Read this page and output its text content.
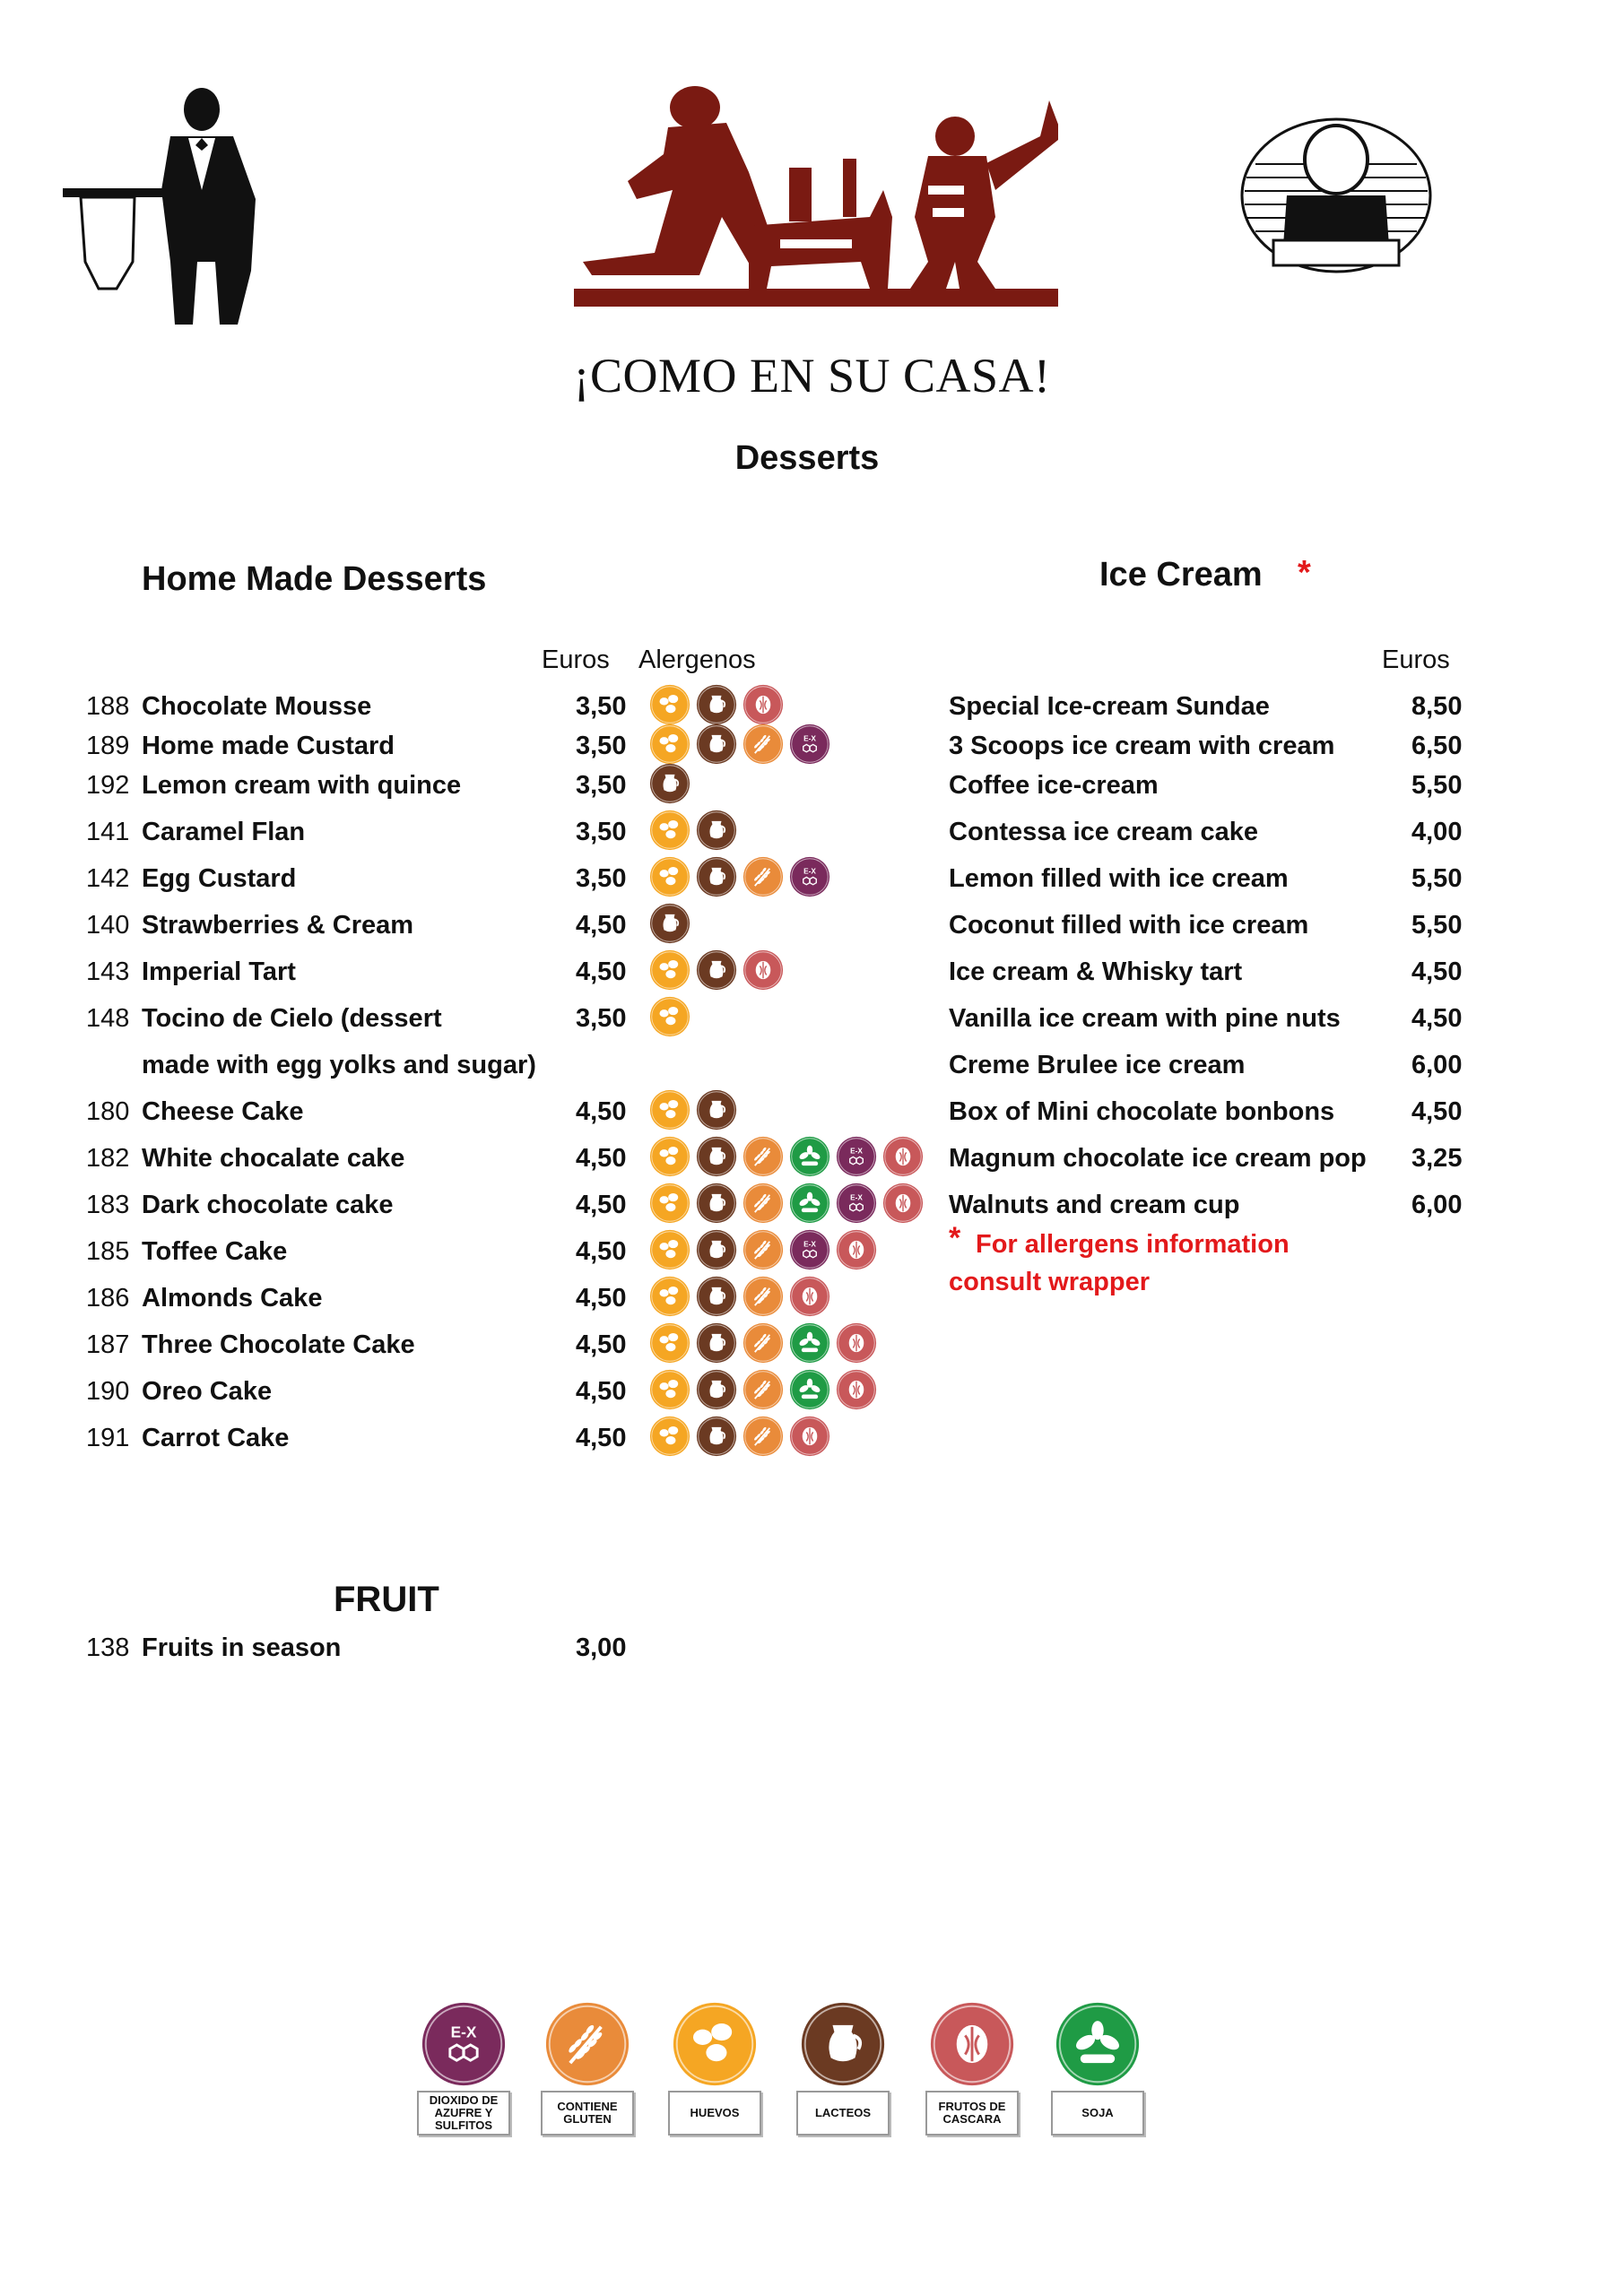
¡COMO EN SU CASA!
Desserts
Home Made Desserts
Euros Alergenos
188 Chocolate Mousse	3,50
189 Home made Custard	3,50	E-X
192 Lemon cream with quince	3,50
141 Caramel Flan	3,50
142 Egg Custard	3,50	E-X
140 Strawberries & Cream	4,50
143 Imperial Tart	4,50
148 Tocino de Cielo (dessert	3,50
made with egg yolks and sugar)
180 Cheese Cake	4,50
182 White chocalate cake	4,50	E-X
183 Dark chocolate cake	4,50	E-X
185 Toffee Cake	4,50	E-X
186 Almonds Cake	4,50
187 Three Chocolate Cake	4,50
190 Oreo Cake	4,50
191 Carrot Cake	4,50
Ice Cream *
Euros
Special Ice-cream Sundae	8,50
3 Scoops ice cream with cream	6,50
Coffee ice-cream	5,50
Contessa ice cream cake	4,00
Lemon filled with ice cream	5,50
Coconut filled with ice cream	5,50
Ice cream & Whisky tart	4,50
Vanilla ice cream with pine nuts	4,50
Creme Brulee ice cream	6,00
Box of Mini chocolate bonbons	4,50
Magnum chocolate ice cream pop 3,25
Walnuts and cream cup	6,00
* For allergens information
consult wrapper
FRUIT
138 Fruits in season	3,00
E-X
DIOXIDO DE AZUFRE Y SULFITOS
CONTIENE GLUTEN	HUEVOS	LACTEOS	FRUTOS DE CASCARA	SOJA
